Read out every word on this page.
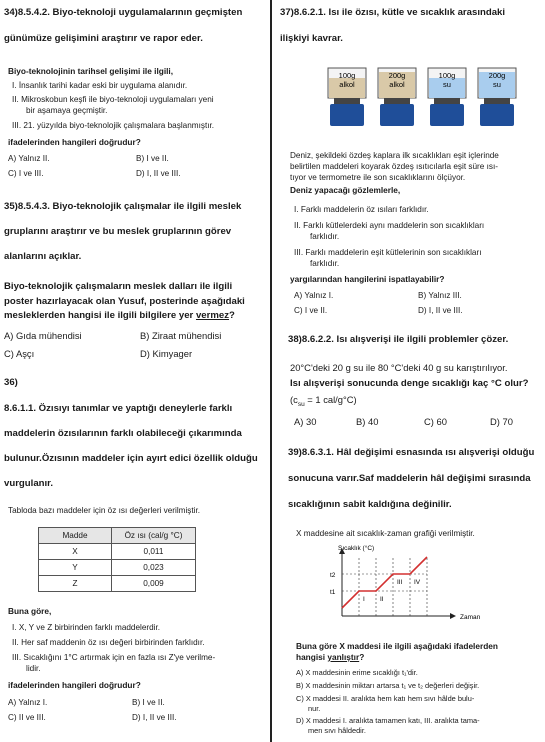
34)8.5.4.2. Biyo-teknoloji uygulamalarının geçmişten
günümüze gelişimini araştırır ve rapor eder.
Biyo-teknolojinin tarihsel gelişimi ile ilgili,
I. İnsanlık tarihi kadar eski bir uygulama alanıdır.
II. Mikroskobun keşfi ile biyo-teknoloji uygulamaları yeni
bir aşamaya geçmiştir.
III. 21. yüzyılda biyo-teknolojik çalışmalara başlanmıştır.
ifadelerinden hangileri doğrudur?
A) Yalnız II.	B) I ve II.
C) I ve III.	D) I, II ve III.
35)8.5.4.3. Biyo-teknolojik çalışmalar ile ilgili meslek
gruplarını araştırır ve bu meslek gruplarının görev
alanlarını açıklar.
Biyo-teknolojik çalışmaların meslek dalları ile ilgili
poster hazırlayacak olan Yusuf, posterinde aşağıdaki
mesleklerden hangisi ile ilgili bilgilere yer vermez?
A) Gıda mühendisi	B) Ziraat mühendisi
C) Aşçı	D) Kimyager
36)
8.6.1.1. Özısıyı tanımlar ve yaptığı deneylerle farklı
maddelerin özısılarının farklı olabileceği çıkarımında
bulunur.Özısının maddeler için ayırt edici özellik olduğu
vurgulanır.
Tabloda bazı maddeler için öz ısı değerleri verilmiştir.
Madde	Öz ısı (cal/g °C)
X	0,011
Y	0,023
Z	0,009
Buna göre,
I. X, Y ve Z birbirinden farklı maddelerdir.
II. Her saf maddenin öz ısı değeri birbirinden farklıdır.
III. Sıcaklığını 1°C artırmak için en fazla ısı Z'ye verilme-
lidir.
ifadelerinden hangileri doğrudur?
A) Yalnız I.	B) I ve II.
C) II ve III.	D) I, II ve III.
37)8.6.2.1. Isı ile özısı, kütle ve sıcaklık arasındaki
ilişkiyi kavrar.
100g
alkol
200g
alkol
100g
su
200g
su
Deniz, şekildeki özdeş kaplara ilk sıcaklıkları eşit içlerinde
belirtilen maddeleri koyarak özdeş ısıtıcılarla eşit süre ısı-
tıyor ve termometre ile son sıcaklıklarını ölçüyor.
Deniz yapacağı gözlemlerle,
I. Farklı maddelerin öz ısıları farklıdır.
II. Farklı kütlelerdeki aynı maddelerin son sıcaklıkları
farklıdır.
III. Farklı maddelerin eşit kütlelerinin son sıcaklıkları
farklıdır.
yargılarından hangilerini ispatlayabilir?
A) Yalnız I.	B) Yalnız III.
C) I ve II.	D) I, II ve III.
38)8.6.2.2. Isı alışverişi ile ilgili problemler çözer.
20°C'deki 20 g su ile 80 °C'deki 40 g su karıştırılıyor.
Isı alışverişi sonucunda denge sıcaklığı kaç °C olur?
($c_{su} = 1$ cal/g°C)
A) 30	B) 40	C) 60	D) 70
39)8.6.3.1. Hâl değişimi esnasında ısı alışverişi olduğu
sonucuna varır.Saf maddelerin hâl değişimi sırasında
sıcaklığının sabit kaldığına değinilir.
X maddesine ait sıcaklık-zaman grafiği verilmiştir.
I II
III IV
t1
t2
Sıcaklık (°C)
Zaman
Buna göre X maddesi ile ilgili aşağıdaki ifadelerden
hangisi yanlıştır?
A) X maddesinin erime sıcaklığı t₁'dir.
B) X maddesinin miktarı artarsa t₁ ve t₂ değerleri değişir.
C) X maddesi II. aralıkta hem katı hem sıvı hâlde bulu-
nur.
D) X maddesi I. aralıkta tamamen katı, III. aralıkta tama-
men sıvı hâldedir.
